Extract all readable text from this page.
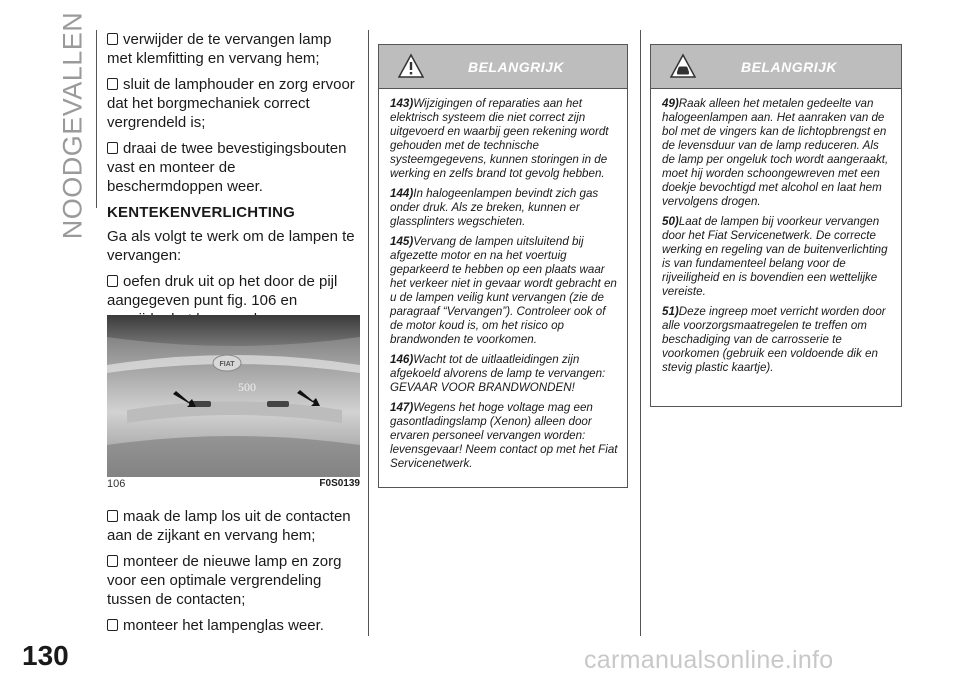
NOODGEVALLEN
130

verwijder de te vervangen lamp met klemfitting en vervang hem;

sluit de lamphouder en zorg ervoor dat het borgmechaniek correct vergrendeld is;

draai de twee bevestigingsbouten vast en monteer de beschermdoppen weer.

KENTEKENVERLICHTING

Ga als volgt te werk om de lampen te vervangen:

oefen druk uit op het door de pijl aangegeven punt fig. 106 en

FIAT
500
106	F0S0139

maak de lamp los uit de contacten aan de zijkant en vervang hem;

monteer de nieuwe lamp en zorg voor een optimale vergrendeling tussen de contacten;

monteer het lampenglas weer.

BELANGRIJK

143)Wijzigingen of reparaties aan het elektrisch systeem die niet correct zijn uitgevoerd en waarbij geen rekening wordt gehouden met de technische systeemgegevens, kunnen storingen in de werking en zelfs brand tot gevolg hebben.

144)In halogeenlampen bevindt zich gas onder druk. Als ze breken, kunnen er glassplinters wegschieten.

145)Vervang de lampen uitsluitend bij afgezette motor en na het voertuig geparkeerd te hebben op een plaats waar het verkeer niet in gevaar wordt gebracht en u de lampen veilig kunt vervangen (zie de paragraaf “Vervangen”). Controleer ook of de motor koud is, om het risico op brandwonden te voorkomen.

146)Wacht tot de uitlaatleidingen zijn afgekoeld alvorens de lamp te vervangen: GEVAAR VOOR BRANDWONDEN!

147)Wegens het hoge voltage mag een gasontladingslamp (Xenon) alleen door ervaren personeel vervangen worden: levensgevaar! Neem contact op met het Fiat Servicenetwerk.

BELANGRIJK

49)Raak alleen het metalen gedeelte van halogeenlampen aan. Het aanraken van de bol met de vingers kan de lichtopbrengst en de levensduur van de lamp reduceren. Als de lamp per ongeluk toch wordt aangeraakt, moet hij worden schoongewreven met een doekje bevochtigd met alcohol en laat hem vervolgens drogen.

50)Laat de lampen bij voorkeur vervangen door het Fiat Servicenetwerk. De correcte werking en regeling van de buitenverlichting is van fundamenteel belang voor de rijveiligheid en is bovendien een wettelijke vereiste.

51)Deze ingreep moet verricht worden door alle voorzorgsmaatregelen te treffen om beschadiging van de carrosserie te voorkomen (gebruik een voldoende dik en stevig plastic kaartje).

carmanualsonline.info
